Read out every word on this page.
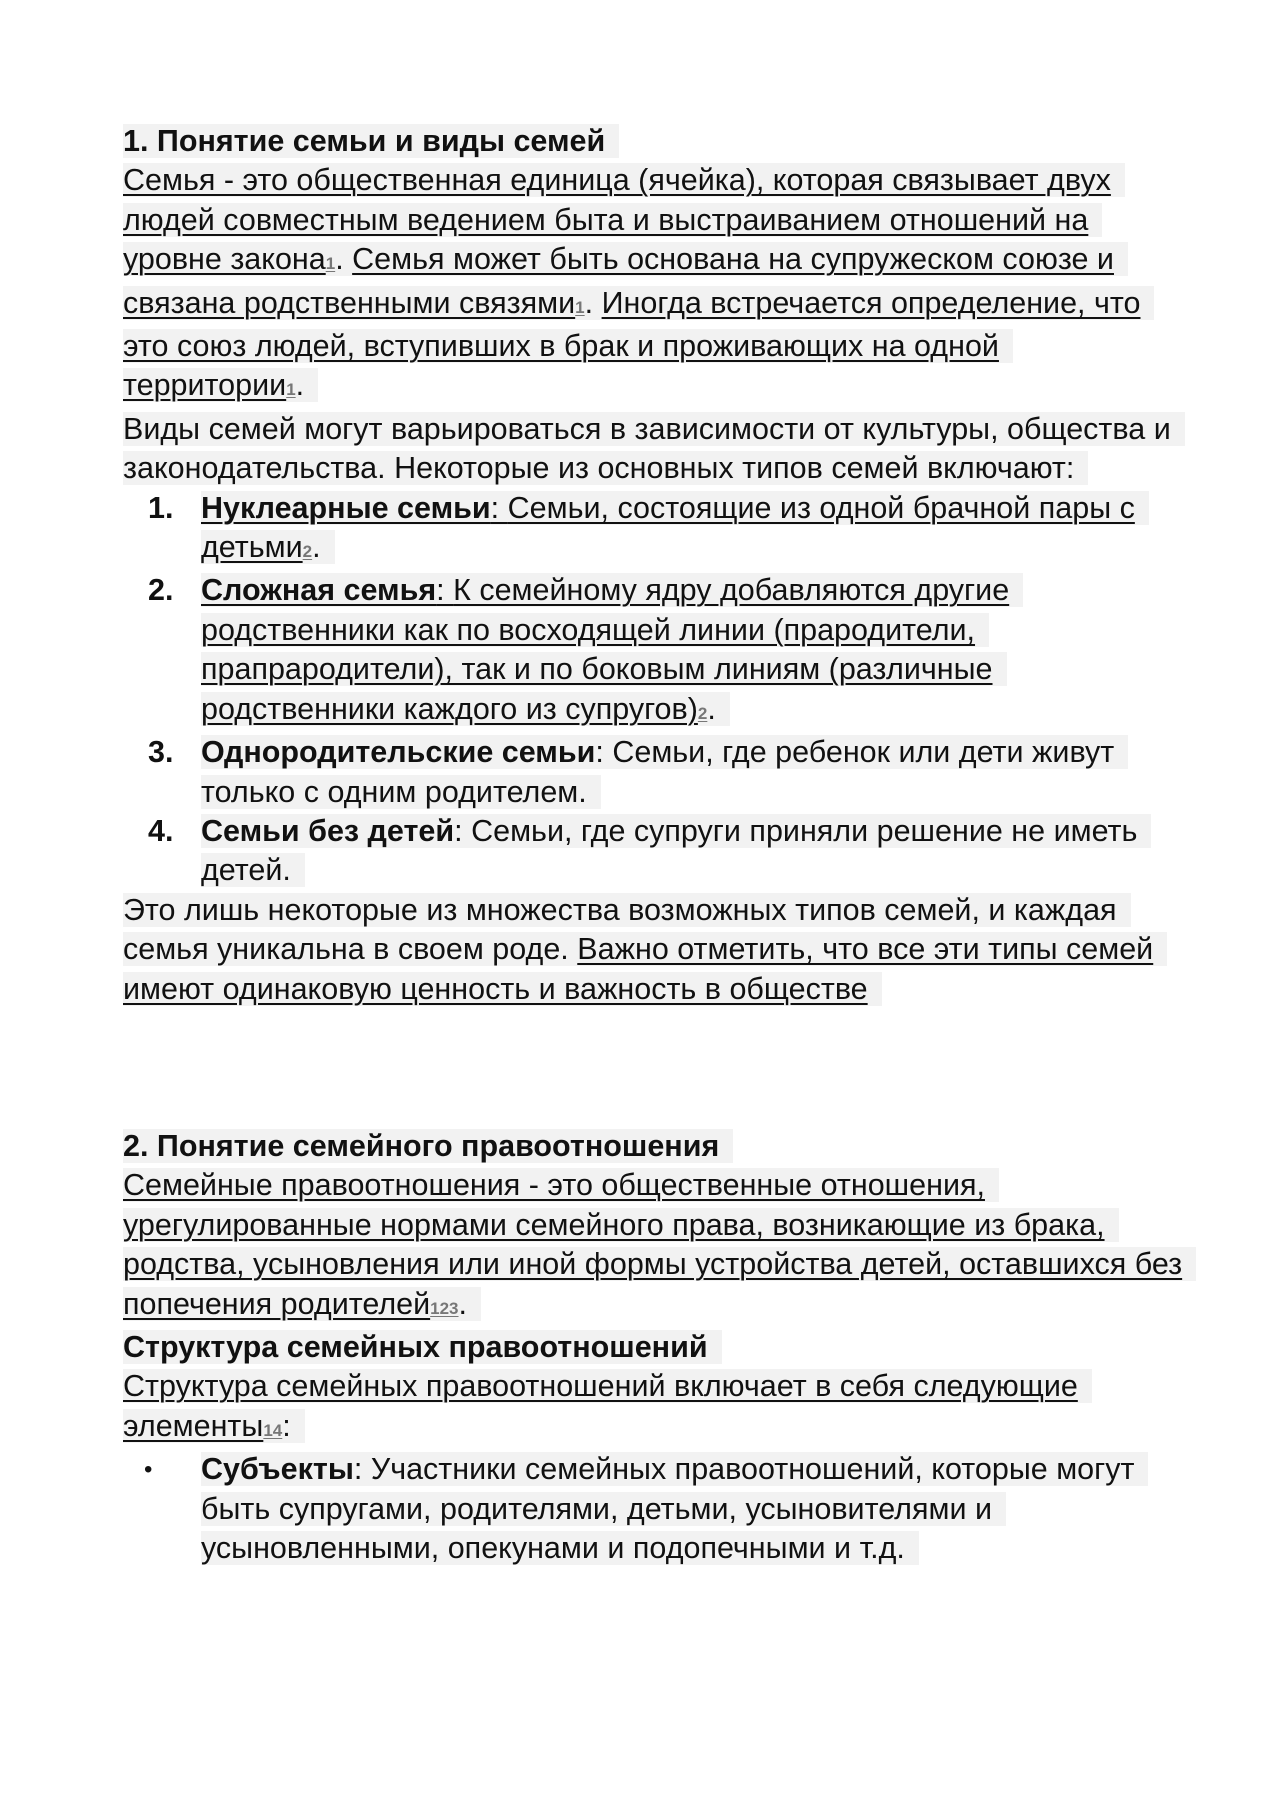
1. Понятие семьи и виды семей

Семья - это общественная единица (ячейка), которая связывает двух людей совместным ведением быта и выстраиванием отношений на уровне закона1. Семья может быть основана на супружеском союзе и связана родственными связями1. Иногда встречается определение, что это союз людей, вступивших в брак и проживающих на одной территории1.

Виды семей могут варьироваться в зависимости от культуры, общества и законодательства. Некоторые из основных типов семей включают:

1. Нуклеарные семьи: Семьи, состоящие из одной брачной пары с детьми2.
2. Сложная семья: К семейному ядру добавляются другие родственники как по восходящей линии (прародители, прапрародители), так и по боковым линиям (различные родственники каждого из супругов)2.
3. Однородительские семьи: Семьи, где ребенок или дети живут только с одним родителем.
4. Семьи без детей: Семьи, где супруги приняли решение не иметь детей.

Это лишь некоторые из множества возможных типов семей, и каждая семья уникальна в своем роде. Важно отметить, что все эти типы семей имеют одинаковую ценность и важность в обществе

2. Понятие семейного правоотношения

Семейные правоотношения - это общественные отношения, урегулированные нормами семейного права, возникающие из брака, родства, усыновления или иной формы устройства детей, оставшихся без попечения родителей123.

Структура семейных правоотношений

Структура семейных правоотношений включает в себя следующие элементы14:

• Субъекты: Участники семейных правоотношений, которые могут быть супругами, родителями, детьми, усыновителями и усыновленными, опекунами и подопечными и т.д.
